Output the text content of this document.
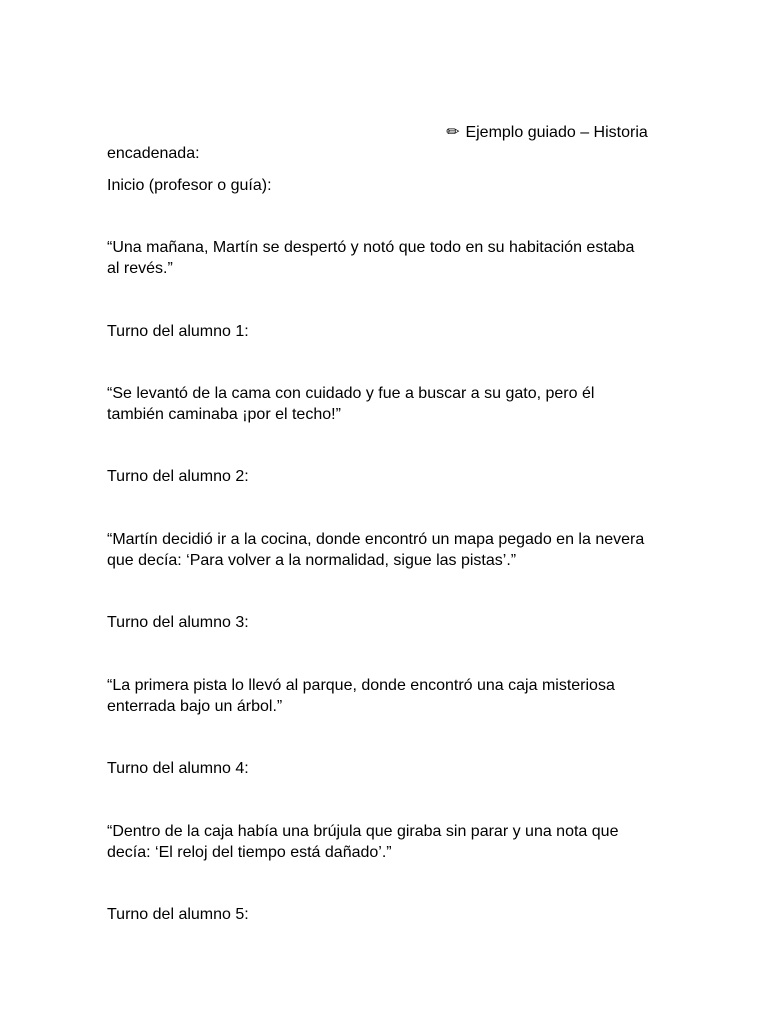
✏ Ejemplo guiado – Historia
encadenada:
Inicio (profesor o guía):
“Una mañana, Martín se despertó y notó que todo en su habitación estaba
al revés.”
Turno del alumno 1:
“Se levantó de la cama con cuidado y fue a buscar a su gato, pero él
también caminaba ¡por el techo!”
Turno del alumno 2:
“Martín decidió ir a la cocina, donde encontró un mapa pegado en la nevera
que decía: ‘Para volver a la normalidad, sigue las pistas’.”
Turno del alumno 3:
“La primera pista lo llevó al parque, donde encontró una caja misteriosa
enterrada bajo un árbol.”
Turno del alumno 4:
“Dentro de la caja había una brújula que giraba sin parar y una nota que
decía: ‘El reloj del tiempo está dañado’.”
Turno del alumno 5:
